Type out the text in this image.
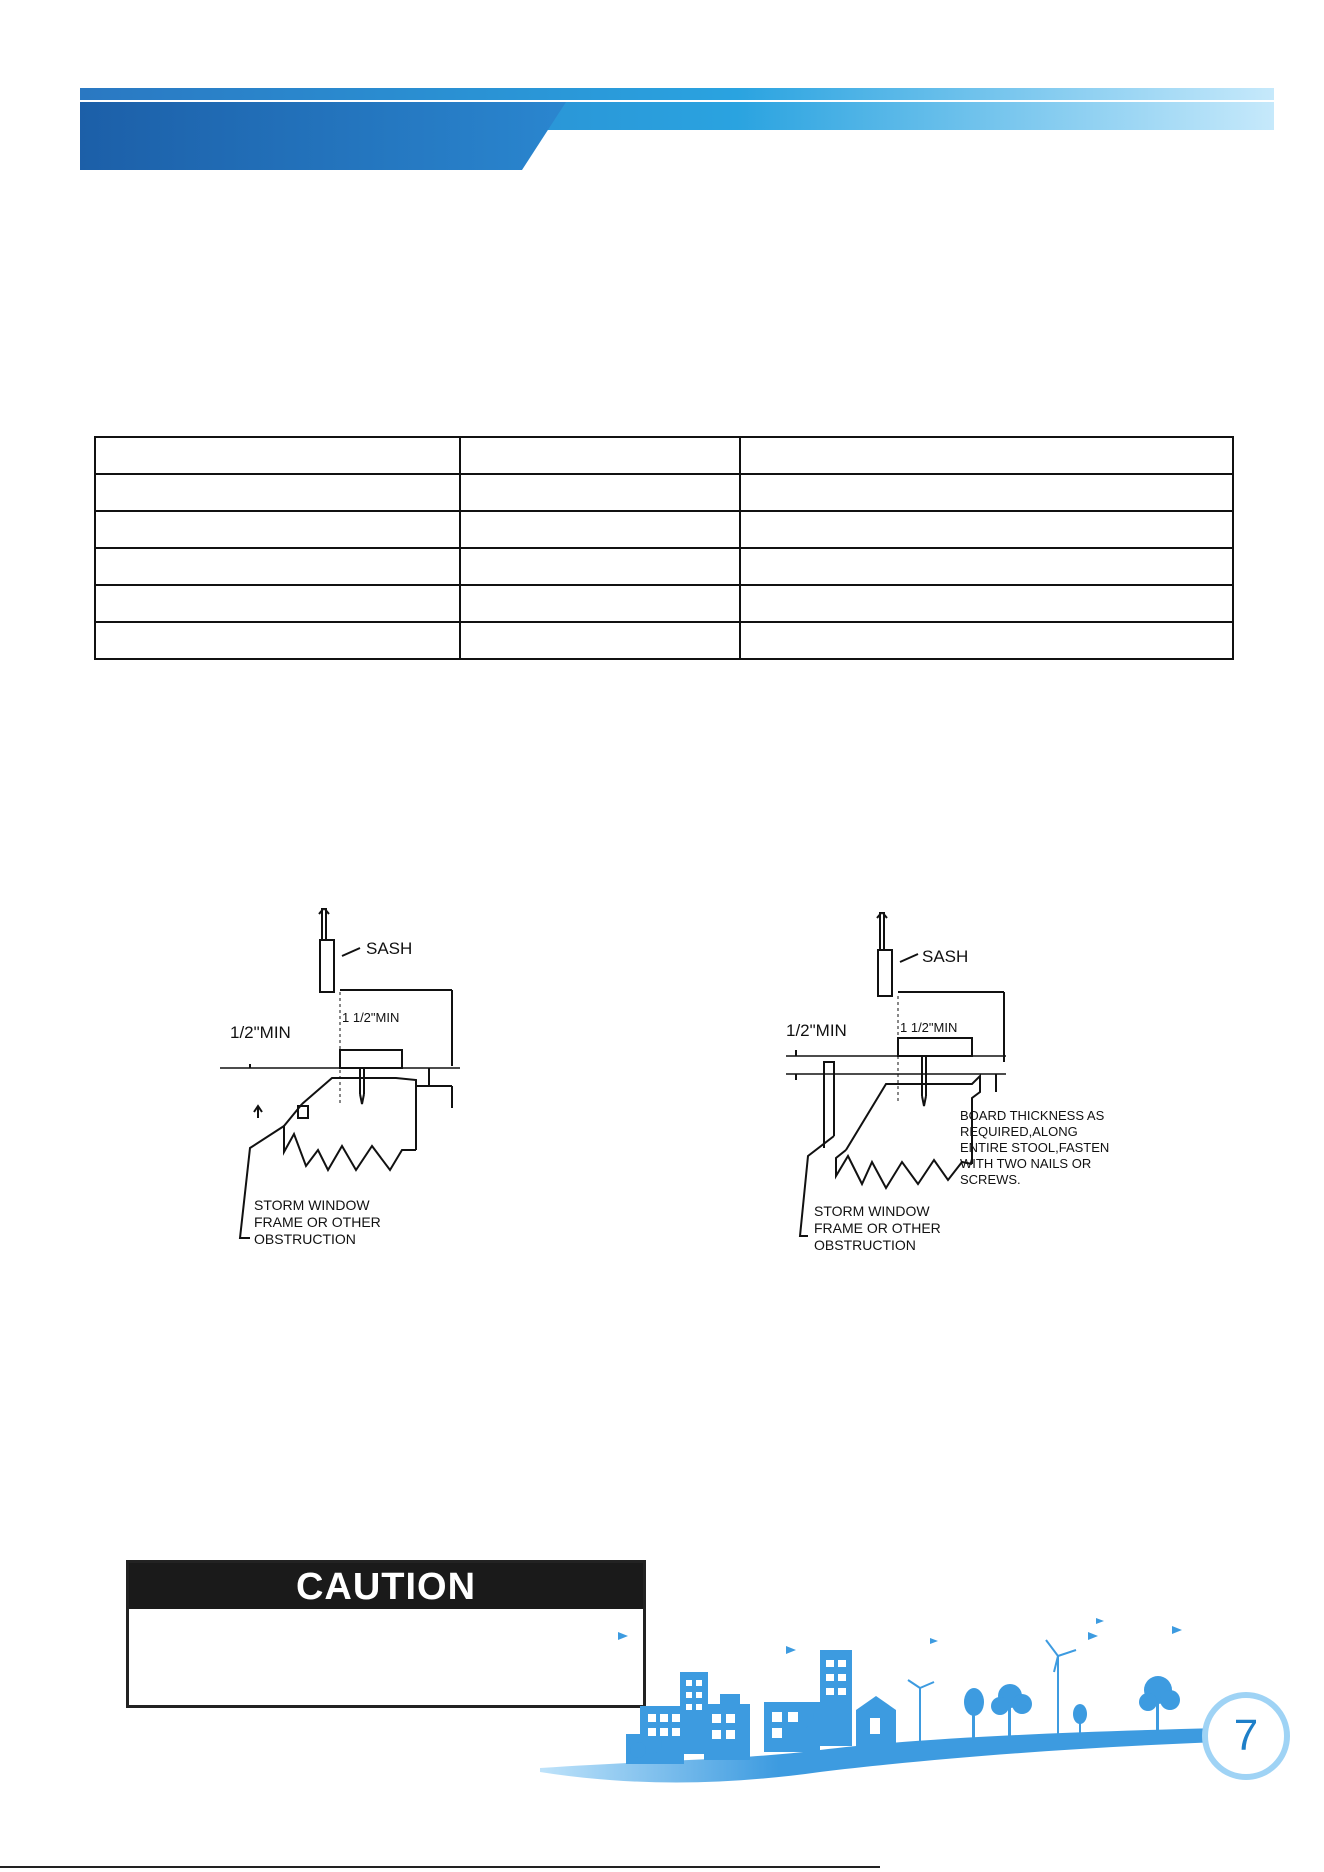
SASH
1/2"MIN
1 1/2"MIN
STORM WINDOW
FRAME OR OTHER
OBSTRUCTION
SASH
1/2"MIN	1 1/2"MIN
BOARD THICKNESS AS
REQUIRED,ALONG
ENTIRE STOOL,FASTEN
WITH TWO NAILS OR
SCREWS.
STORM WINDOW
FRAME OR OTHER
OBSTRUCTION
CAUTION
7
